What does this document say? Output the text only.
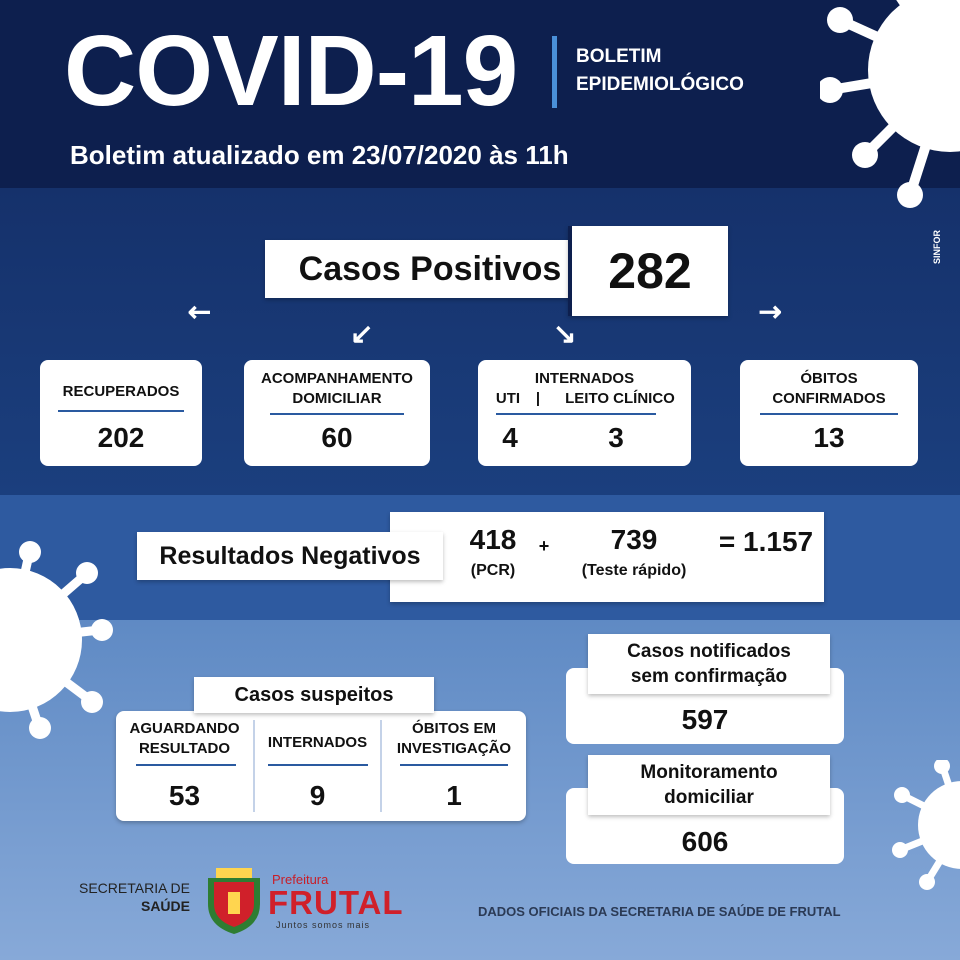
COVID-19	BOLETIM
EPIDEMIOLÓGICO
Boletim atualizado em 23/07/2020 às 11h
SINFOR
Casos Positivos 282
↙
↙	↘
↘
RECUPERADOS
202
ACOMPANHAMENTO
DOMICILIAR
60
INTERNADOS
UTI	|	LEITO CLÍNICO
4	3
ÓBITOS
CONFIRMADOS
13
Resultados Negativos
418
(PCR)
+	739
(Teste rápido)
= 1.157
Casos suspeitos
AGUARDANDO
RESULTADO
53
INTERNADOS
9
ÓBITOS EM
INVESTIGAÇÃO
1
Casos notificados
sem confirmação
597
Monitoramento
domiciliar
606
SECRETARIA DE
SAÚDE
Prefeitura
FRUTAL
Juntos somos mais
DADOS OFICIAIS DA SECRETARIA DE SAÚDE DE FRUTAL
